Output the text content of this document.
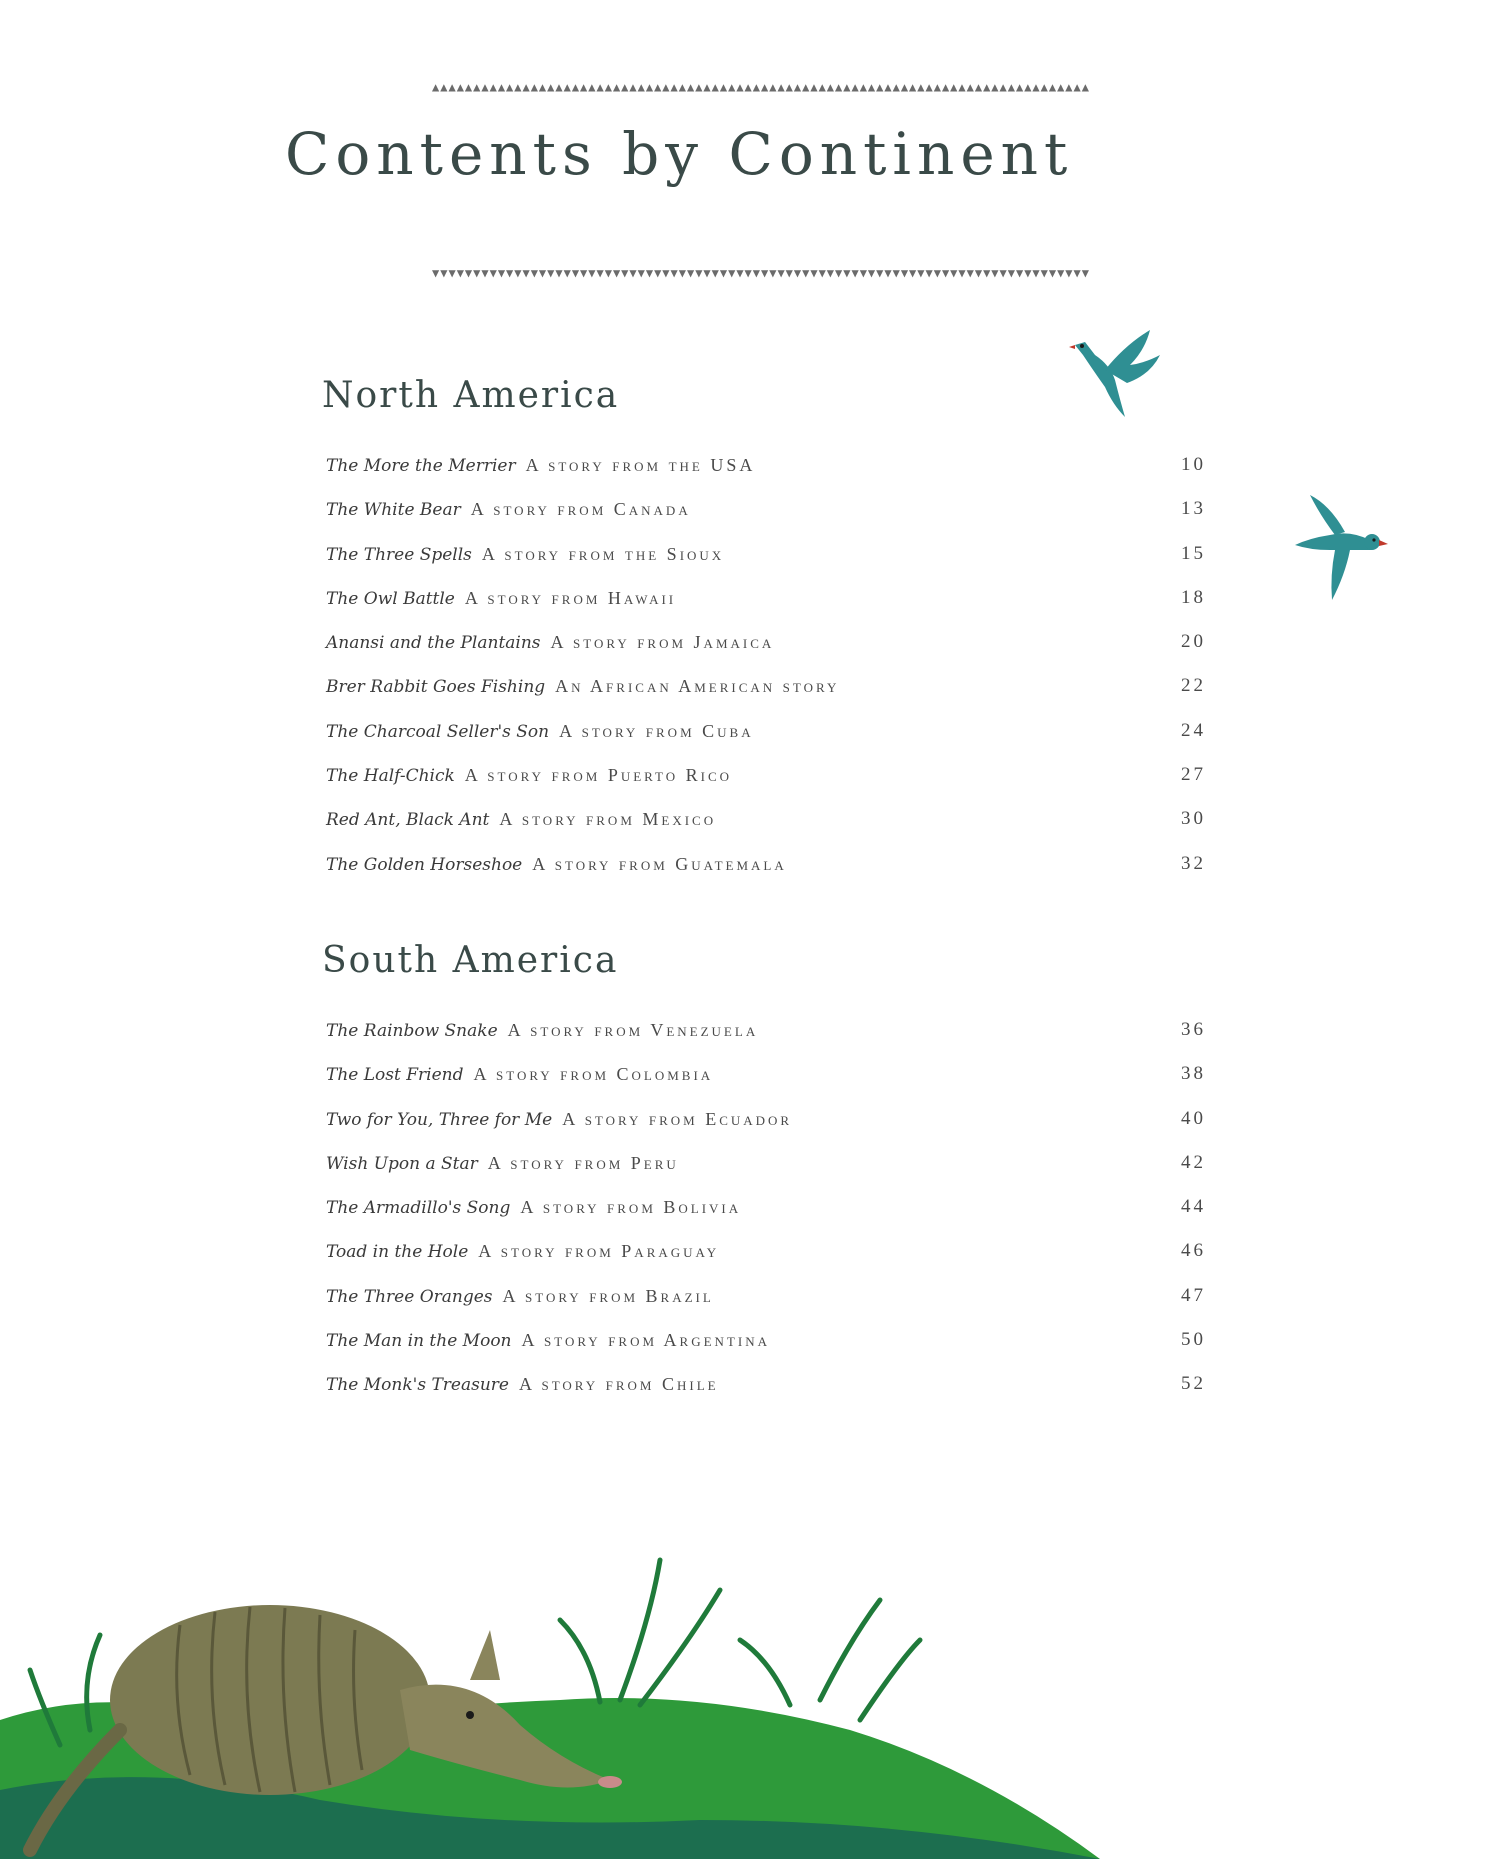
▲▲▲▲▲▲▲▲▲▲▲▲▲▲▲▲▲▲▲▲▲▲▲▲▲▲▲▲▲▲▲▲▲▲▲▲▲▲▲▲▲▲▲▲▲▲▲▲▲▲▲▲▲▲▲▲▲▲▲▲▲▲▲▲▲▲▲▲▲▲▲▲▲▲▲▲▲▲▲▲
Contents by Continent
▼▼▼▼▼▼▼▼▼▼▼▼▼▼▼▼▼▼▼▼▼▼▼▼▼▼▼▼▼▼▼▼▼▼▼▼▼▼▼▼▼▼▼▼▼▼▼▼▼▼▼▼▼▼▼▼▼▼▼▼▼▼▼▼▼▼▼▼▼▼▼▼▼▼▼▼▼▼▼▼
North America
The More the Merrier A story from the USA	10
The White Bear A story from Canada	13
The Three Spells A story from the Sioux	15
The Owl Battle A story from Hawaii	18
Anansi and the Plantains A story from Jamaica	20
Brer Rabbit Goes Fishing An African American story	22
The Charcoal Seller's Son A story from Cuba	24
The Half-Chick A story from Puerto Rico	27
Red Ant, Black Ant A story from Mexico	30
The Golden Horseshoe A story from Guatemala	32
South America
The Rainbow Snake A story from Venezuela	36
The Lost Friend A story from Colombia	38
Two for You, Three for Me A story from Ecuador	40
Wish Upon a Star A story from Peru	42
The Armadillo's Song A story from Bolivia	44
Toad in the Hole A story from Paraguay	46
The Three Oranges A story from Brazil	47
The Man in the Moon A story from Argentina	50
The Monk's Treasure A story from Chile	52
